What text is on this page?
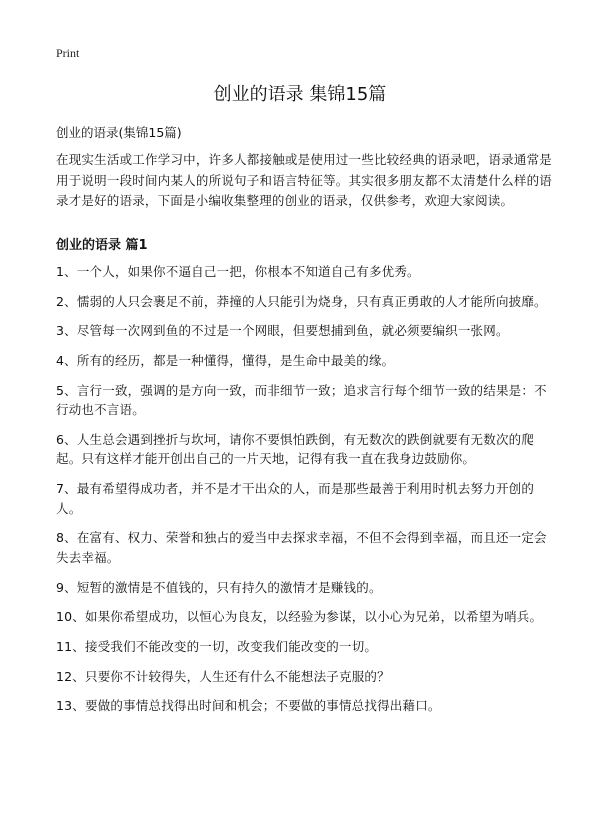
Print
创业的语录 集锦15篇

创业的语录(集锦15篇)

在现实生活或工作学习中，许多人都接触或是使用过一些比较经典的语录吧，语录通常是用于说明一段时间内某人的所说句子和语言特征等。其实很多朋友都不太清楚什么样的语录才是好的语录，下面是小编收集整理的创业的语录，仅供参考，欢迎大家阅读。

创业的语录 篇1
1、一个人，如果你不逼自己一把，你根本不知道自己有多优秀。
2、懦弱的人只会裹足不前，莽撞的人只能引为烧身，只有真正勇敢的人才能所向披靡。
3、尽管每一次网到鱼的不过是一个网眼，但要想捕到鱼，就必须要编织一张网。
4、所有的经历，都是一种懂得，懂得，是生命中最美的缘。
5、言行一致，强调的是方向一致，而非细节一致；追求言行每个细节一致的结果是：不行动也不言语。
6、人生总会遇到挫折与坎坷，请你不要惧怕跌倒，有无数次的跌倒就要有无数次的爬起。只有这样才能开创出自己的一片天地，记得有我一直在我身边鼓励你。
7、最有希望得成功者，并不是才干出众的人，而是那些最善于利用时机去努力开创的人。
8、在富有、权力、荣誉和独占的爱当中去探求幸福，不但不会得到幸福，而且还一定会失去幸福。
9、短暂的激情是不值钱的，只有持久的激情才是赚钱的。
10、如果你希望成功，以恒心为良友，以经验为参谋，以小心为兄弟，以希望为哨兵。
11、接受我们不能改变的一切，改变我们能改变的一切。
12、只要你不计较得失，人生还有什么不能想法子克服的？
13、要做的事情总找得出时间和机会；不要做的事情总找得出藉口。
